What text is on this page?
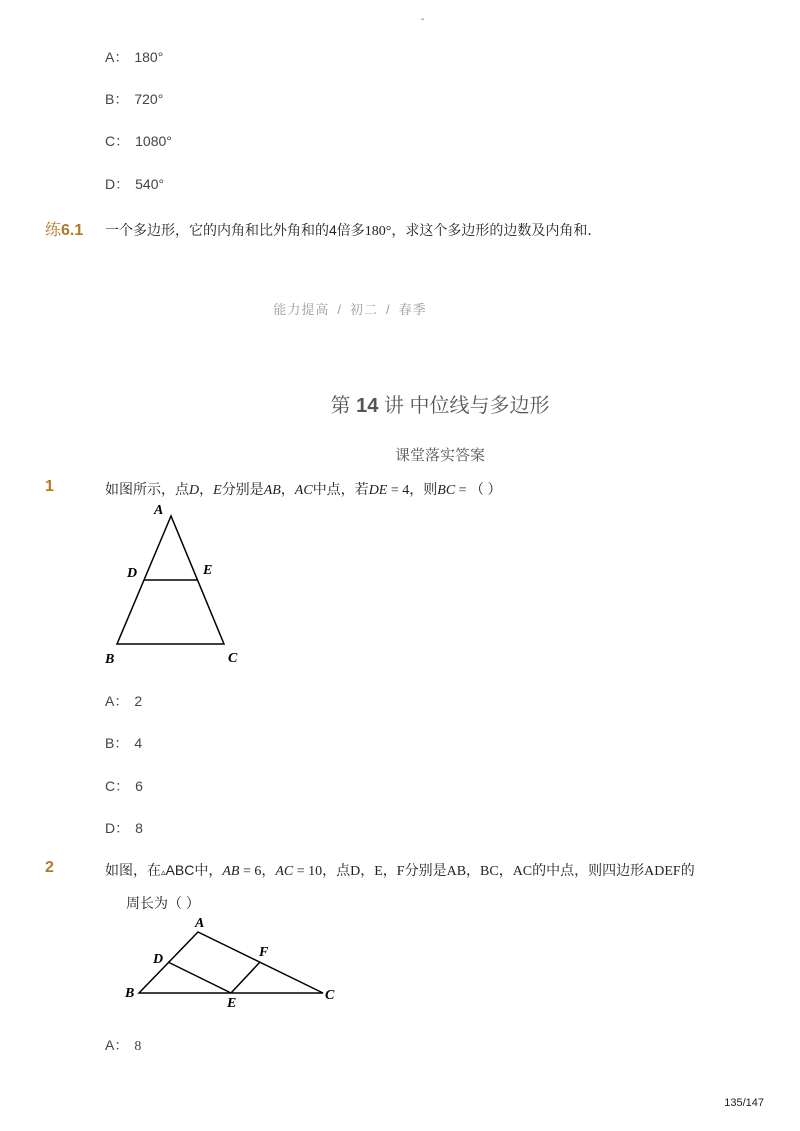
-
A： 180°
B： 720°
C： 1080°
D： 540°
练6.1 一个多边形，它的内角和比外角和的4倍多180°，求这个多边形的边数及内角和．
能力提高 / 初二 / 春季
第 14 讲 中位线与多边形
课堂落实答案
1	如图所示，点D，E分别是AB，AC中点，若DE = 4，则BC = （ ）
A
D	E
B	C
A： 2
B： 4
C： 6
D： 8
2	如图，在▵ABC中，AB = 6，AC = 10，点D，E，F分别是AB，BC，AC的中点，则四边形ADEF的
周长为（ ）
A
D	F
B
E
C
A： 8
135/147
